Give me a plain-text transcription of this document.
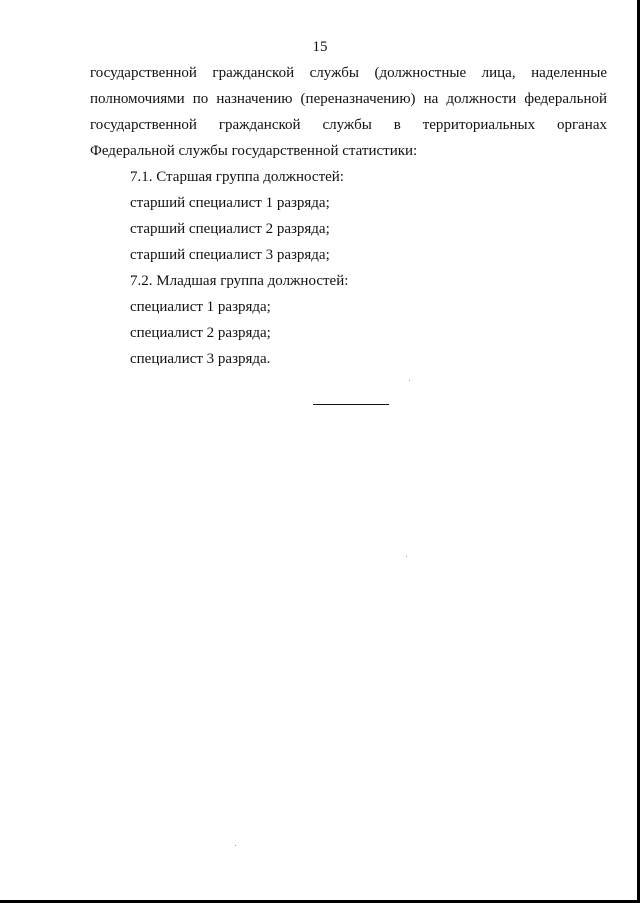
15

государственной гражданской службы (должностные лица, наделенные
полномочиями по назначению (переназначению) на должности федеральной
государственной гражданской службы в территориальных органах
Федеральной службы государственной статистики:

7.1. Старшая группа должностей:

старший специалист 1 разряда;

старший специалист 2 разряда;

старший специалист 3 разряда;

7.2. Младшая группа должностей:

специалист 1 разряда;

специалист 2 разряда;

специалист 3 разряда.
